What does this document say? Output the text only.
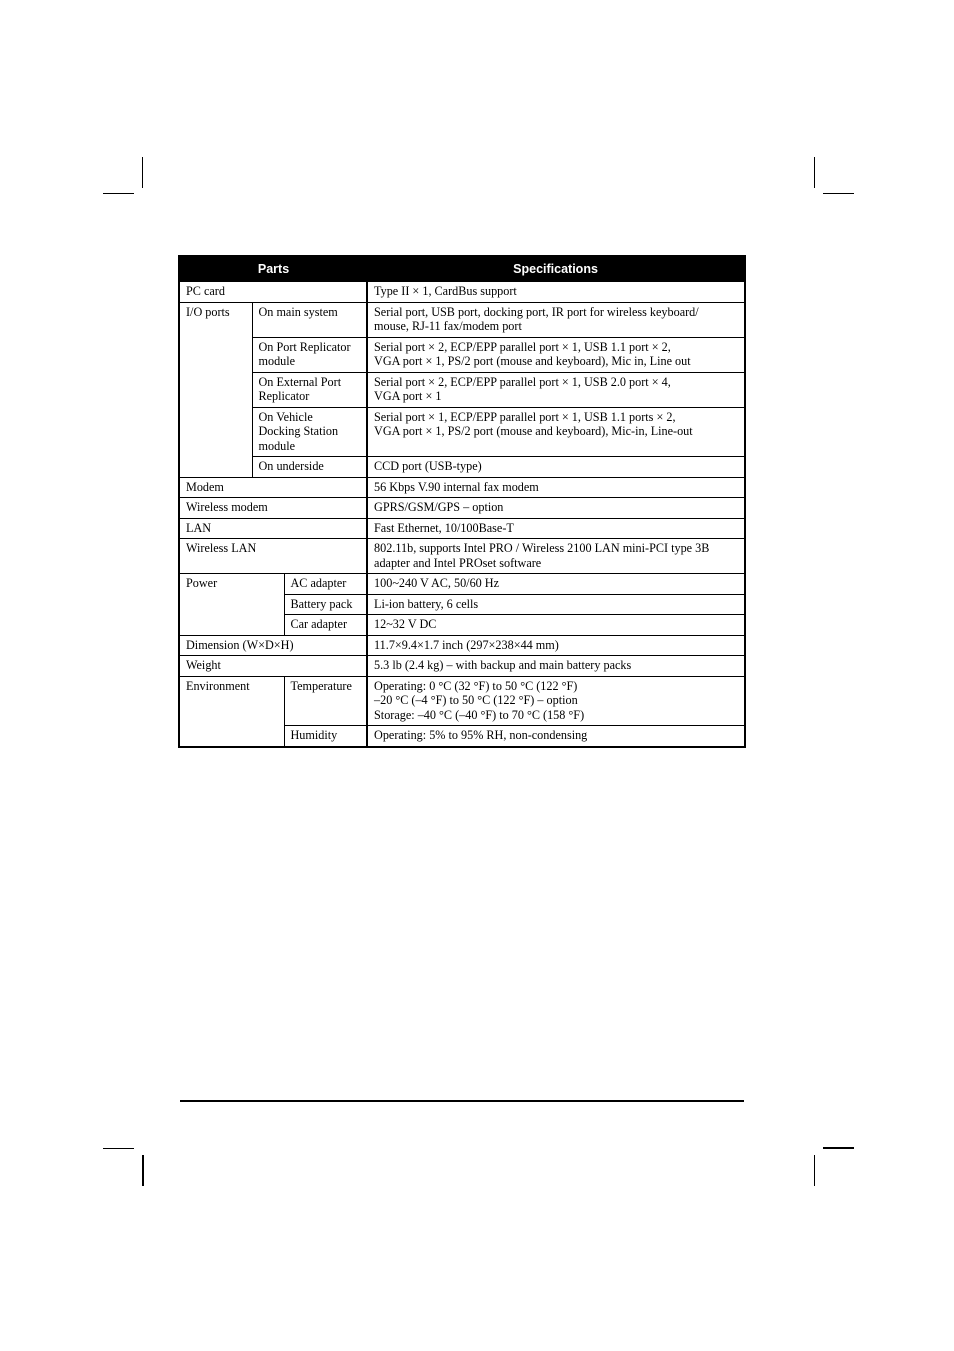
Parts			Specifications
PC card			Type II × 1, CardBus support
I/O ports	On main system		Serial port, USB port, docking port, IR port for wireless keyboard/
mouse, RJ-11 fax/modem port

	On Port Replicator
module		Serial port × 2, ECP/EPP parallel port × 1, USB 1.1 port × 2,
VGA port × 1, PS/2 port (mouse and keyboard), Mic in, Line out

	On External Port
Replicator		Serial port × 2, ECP/EPP parallel port × 1, USB 2.0 port × 4,
VGA port × 1

	On Vehicle
Docking Station
module		Serial port × 1, ECP/EPP parallel port × 1, USB 1.1 ports × 2,
VGA port × 1, PS/2 port (mouse and keyboard), Mic-in, Line-out

	On underside		CCD port (USB-type)
Modem			56 Kbps V.90 internal fax modem
Wireless modem			GPRS/GSM/GPS – option
LAN			Fast Ethernet, 10/100Base-T
Wireless LAN			802.11b, supports Intel PRO / Wireless 2100 LAN mini-PCI type 3B
adapter and Intel PROset software

Power		AC adapter	100~240 V AC, 50/60 Hz
		Battery pack	Li-ion battery, 6 cells
		Car adapter	12~32 V DC
Dimension (W×D×H)			11.7×9.4×1.7 inch (297×238×44 mm)
Weight			5.3 lb (2.4 kg) – with backup and main battery packs
Environment		Temperature	Operating: 0 °C (32 °F) to 50 °C (122 °F)
–20 °C (–4 °F) to 50 °C (122 °F) – option
Storage: –40 °C (–40 °F) to 70 °C (158 °F)

		Humidity	Operating: 5% to 95% RH, non-condensing
